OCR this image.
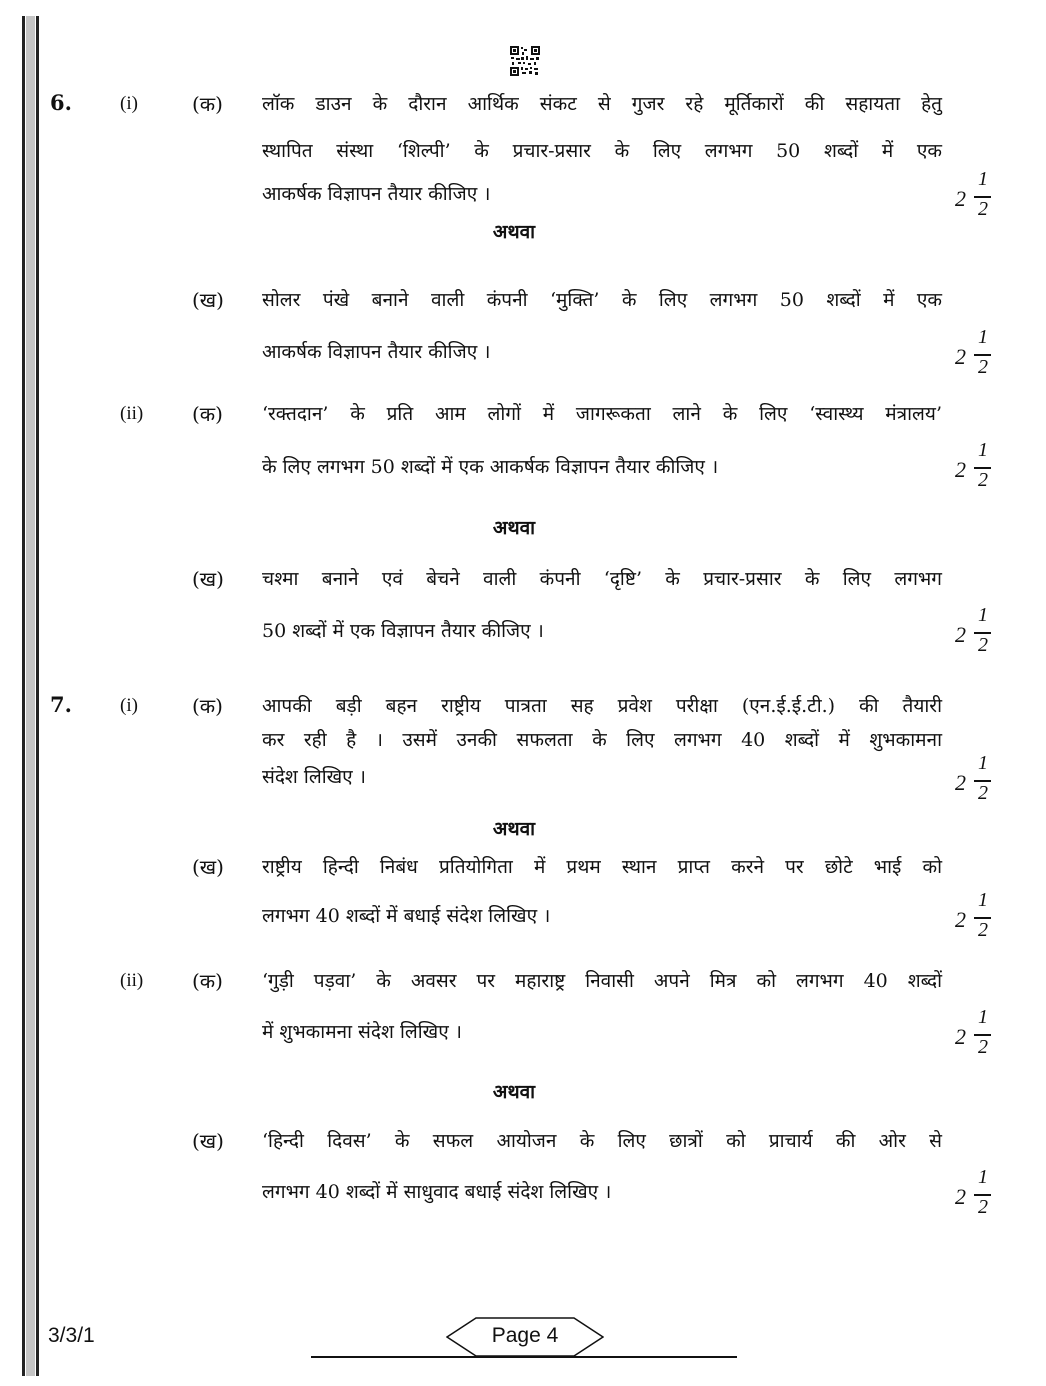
6.	(i)	(क) लॉक डाउन के दौरान आर्थिक संकट से गुजर रहे मूर्तिकारों की सहायता हेतु
स्थापित संस्था ‘शिल्पी’ के प्रचार-प्रसार के लिए लगभग 50 शब्दों में एक
आकर्षक विज्ञापन तैयार कीजिए ।	2
1
2
अथवा
(ख) सोलर पंखे बनाने वाली कंपनी ‘मुक्ति’ के लिए लगभग 50 शब्दों में एक
आकर्षक विज्ञापन तैयार कीजिए ।	2
1
2
(ii) (क) ‘रक्तदान’ के प्रति आम लोगों में जागरूकता लाने के लिए ‘स्वास्थ्य मंत्रालय’
के लिए लगभग 50 शब्दों में एक आकर्षक विज्ञापन तैयार कीजिए ।	2
1
2
अथवा
(ख) चश्मा बनाने एवं बेचने वाली कंपनी ‘दृष्टि’ के प्रचार-प्रसार के लिए लगभग
50 शब्दों में एक विज्ञापन तैयार कीजिए ।	2
1
2
7.	(i)	(क) आपकी बड़ी बहन राष्ट्रीय पात्रता सह प्रवेश परीक्षा (एन.ई.ई.टी.) की तैयारी
कर रही है । उसमें उनकी सफलता के लिए लगभग 40 शब्दों में शुभकामना
संदेश लिखिए ।	2
1
2
अथवा
(ख) राष्ट्रीय हिन्दी निबंध प्रतियोगिता में प्रथम स्थान प्राप्त करने पर छोटे भाई को
लगभग 40 शब्दों में बधाई संदेश लिखिए ।	2
1
2
(ii) (क) ‘गुड़ी पड़वा’ के अवसर पर महाराष्ट्र निवासी अपने मित्र को लगभग 40 शब्दों
में शुभकामना संदेश लिखिए ।	2
1
2
अथवा
(ख) ‘हिन्दी दिवस’ के सफल आयोजन के लिए छात्रों को प्राचार्य की ओर से
लगभग 40 शब्दों में साधुवाद बधाई संदेश लिखिए ।	2
1
2
3/3/1	Page 4
